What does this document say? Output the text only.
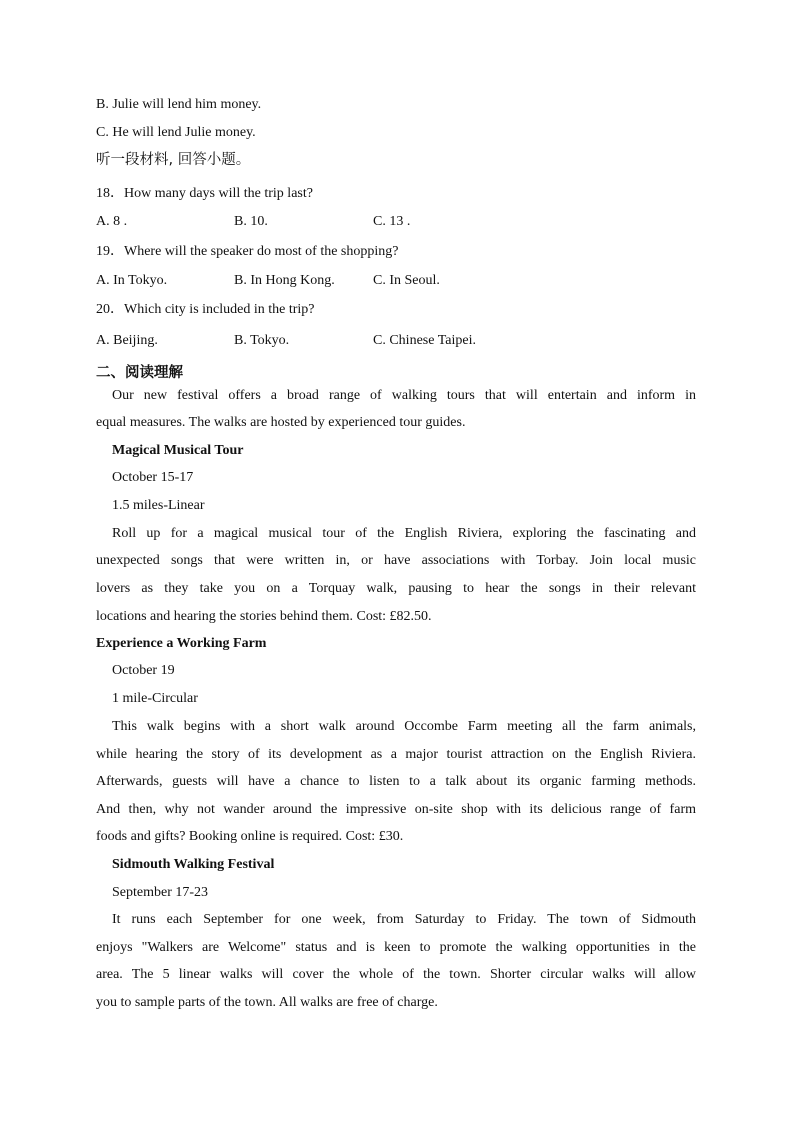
B. Julie will lend him money.
C. He will lend Julie money.
听一段材料, 回答小题。
18．How many days will the trip last?
A. 8 .	B. 10.	C. 13 .
19．Where will the speaker do most of the shopping?
A. In Tokyo.	B. In Hong Kong.	C. In Seoul.
20．Which city is included in the trip?
A. Beijing.	B. Tokyo.	C. Chinese Taipei.
二、阅读理解
Our new festival offers a broad range of walking tours that will entertain and inform in
equal measures. The walks are hosted by experienced tour guides.
Magical Musical Tour
October 15-17
1.5 miles-Linear
Roll up for a magical musical tour of the English Riviera, exploring the fascinating and
unexpected songs that were written in, or have associations with Torbay. Join local music
lovers as they take you on a Torquay walk, pausing to hear the songs in their relevant
locations and hearing the stories behind them. Cost: £82.50.
Experience a Working Farm
October 19
1 mile-Circular
This walk begins with a short walk around Occombe Farm meeting all the farm animals,
while hearing the story of its development as a major tourist attraction on the English Riviera.
Afterwards, guests will have a chance to listen to a talk about its organic farming methods.
And then, why not wander around the impressive on-site shop with its delicious range of farm
foods and gifts? Booking online is required. Cost: £30.
Sidmouth Walking Festival
September 17-23
It runs each September for one week, from Saturday to Friday. The town of Sidmouth
enjoys "Walkers are Welcome" status and is keen to promote the walking opportunities in the
area. The 5 linear walks will cover the whole of the town. Shorter circular walks will allow
you to sample parts of the town. All walks are free of charge.
